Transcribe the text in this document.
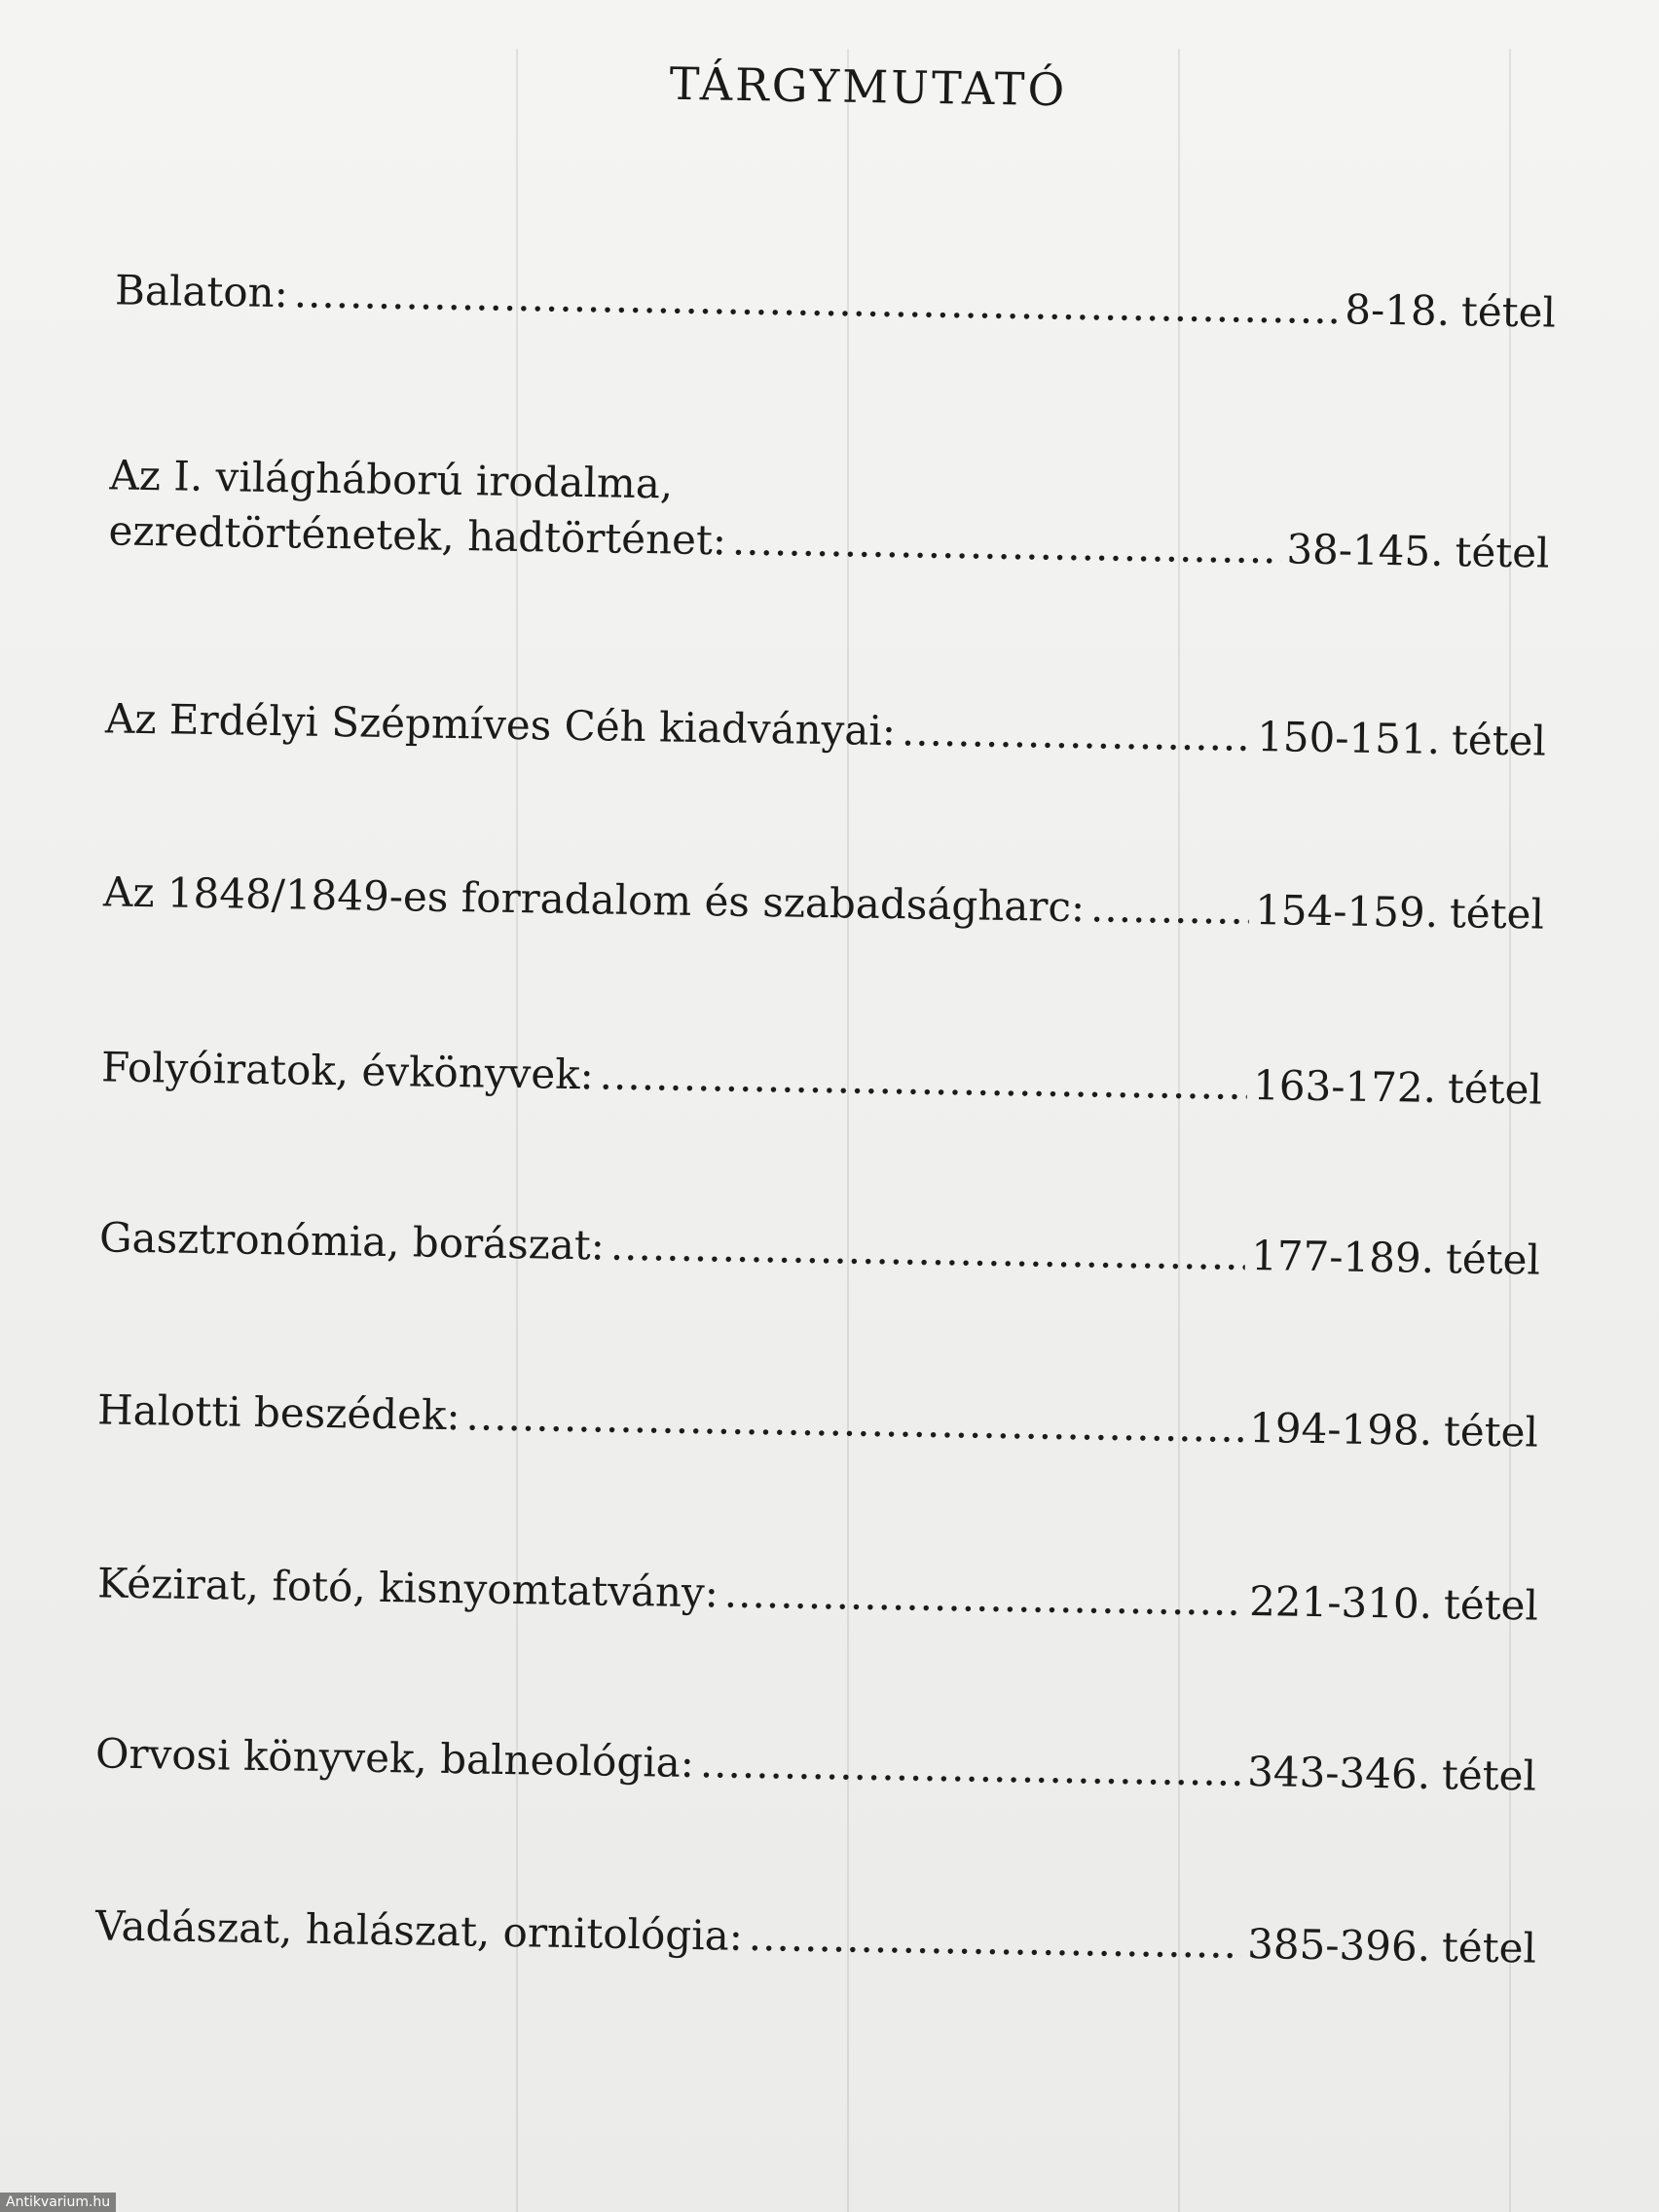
TÁRGYMUTATÓ
Balaton: .....	8-18. tétel
Az I. világháború irodalma,
ezredtörténetek, hadtörténet: .....	38-145. tétel
Az Erdélyi Szépmíves Céh kiadványai: .....	150-151. tétel
Az 1848/1849-es forradalom és szabadságharc: .....	154-159. tétel
Folyóiratok, évkönyvek: .....	163-172. tétel
Gasztronómia, borászat: .....	177-189. tétel
Halotti beszédek: .....	194-198. tétel
Kézirat, fotó, kisnyomtatvány: .....	221-310. tétel
Orvosi könyvek, balneológia: .....	343-346. tétel
Vadászat, halászat, ornitológia: .....	385-396. tétel
Antikvarium.hu
